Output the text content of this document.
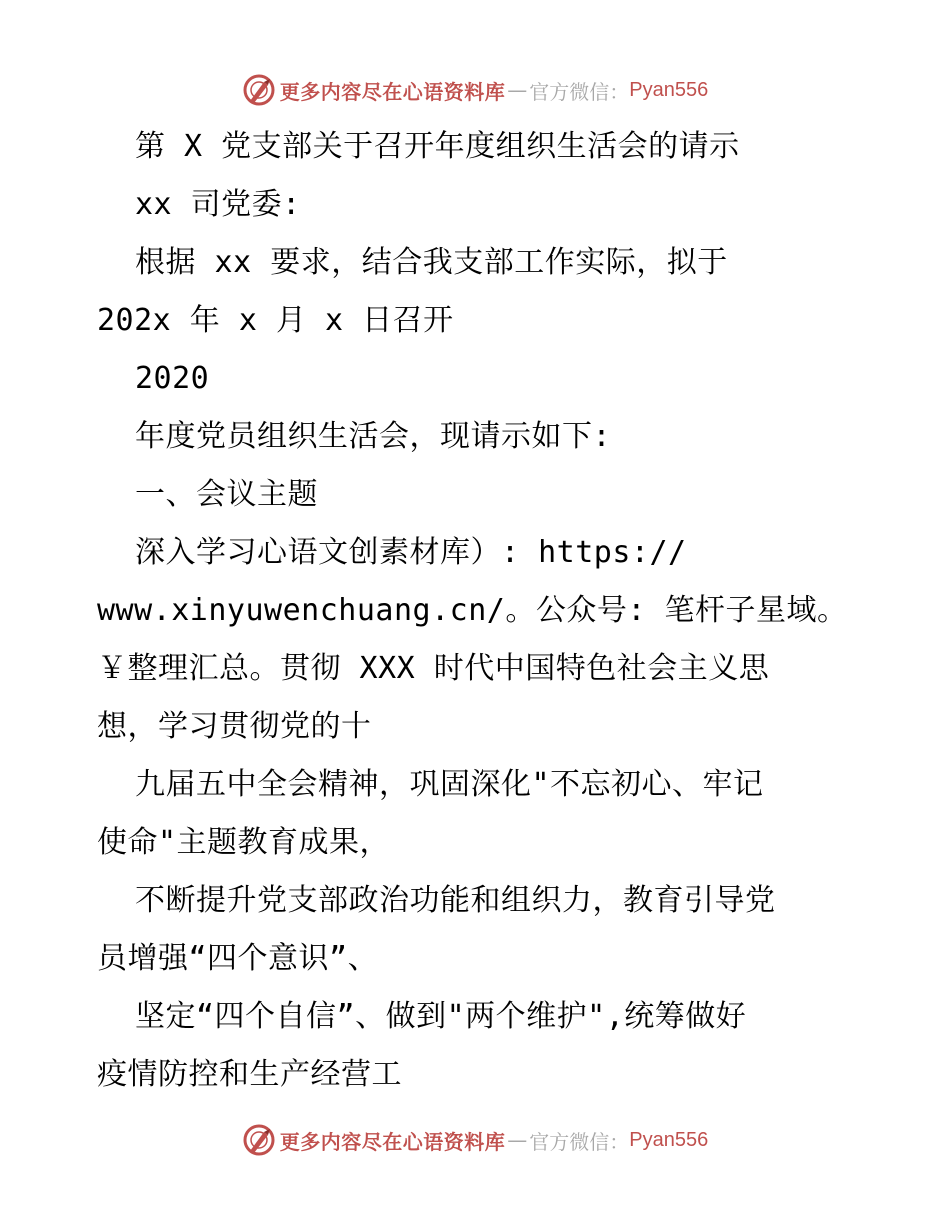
更多内容尽在心语资料库 — 官方微信： Pyan556
第 X 党支部关于召开年度组织生活会的请示
xx 司党委:
根据 xx 要求，结合我支部工作实际，拟于
202x 年 x 月 x 日召开
2020
年度党员组织生活会，现请示如下:
一、会议主题
深入学习心语文创素材库）: https://
www.xinyuwenchuang.cn/。公众号: 笔杆子星域。
￥整理汇总。贯彻 XXX 时代中国特色社会主义思
想，学习贯彻党的十
九届五中全会精神，巩固深化"不忘初心、牢记
使命"主题教育成果，
不断提升党支部政治功能和组织力，教育引导党
员增强“四个意识”、
坚定“四个自信”、做到"两个维护",统筹做好
疫情防控和生产经营工
更多内容尽在心语资料库 — 官方微信： Pyan556
